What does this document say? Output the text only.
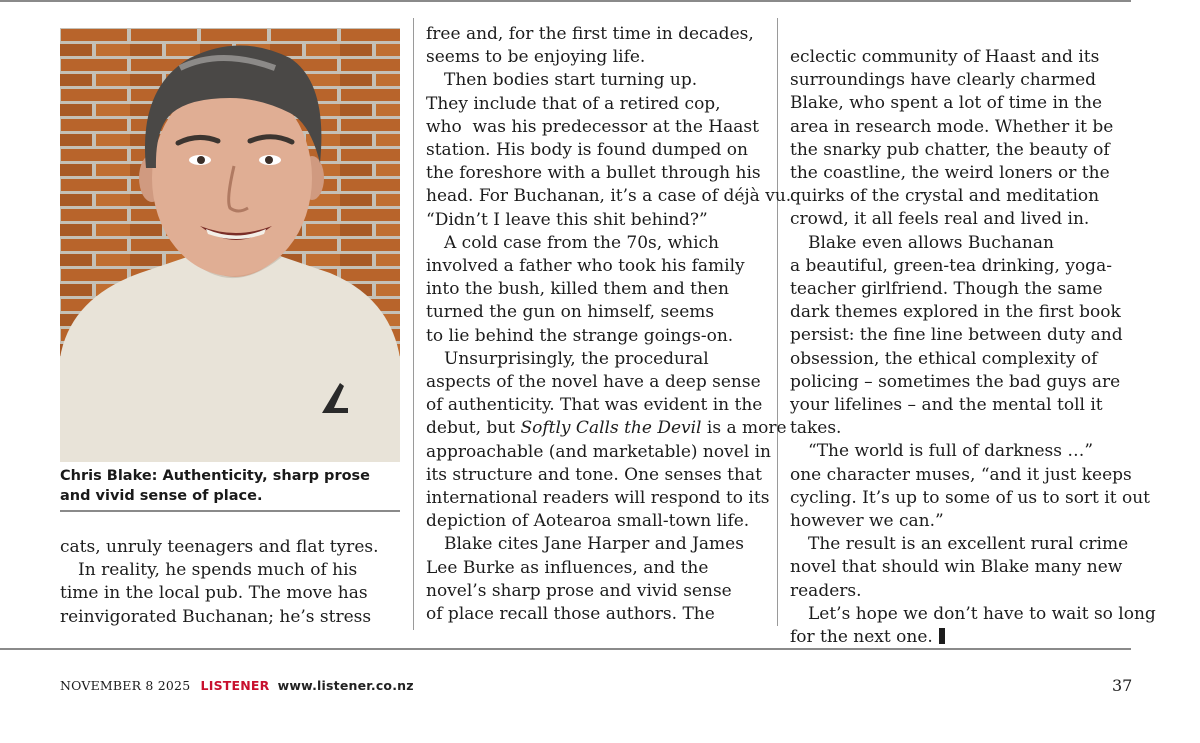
Chris Blake: Authenticity, sharp prose and vivid sense of place.

cats, unruly teenagers and flat tyres.

In reality, he spends much of his

time in the local pub. The move has

reinvigorated Buchanan; he’s stress

free and, for the first time in decades,

seems to be enjoying life.

Then bodies start turning up.

They include that of a retired cop,

who  was his predecessor at the Haast

station. His body is found dumped on

the foreshore with a bullet through his

head. For Buchanan, it’s a case of déjà vu.

“Didn’t I leave this shit behind?”

A cold case from the 70s, which

involved a father who took his family

into the bush, killed them and then

turned the gun on himself, seems

to lie behind the strange goings-on.

Unsurprisingly, the procedural

aspects of the novel have a deep sense

of authenticity. That was evident in the

debut, but Softly Calls the Devil is a more

approachable (and marketable) novel in

its structure and tone. One senses that

international readers will respond to its

depiction of Aotearoa small-town life.

Blake cites Jane Harper and James

Lee Burke as influences, and the

novel’s sharp prose and vivid sense

of place recall those authors. The

eclectic community of Haast and its

surroundings have clearly charmed

Blake, who spent a lot of time in the

area in research mode. Whether it be

the snarky pub chatter, the beauty of

the coastline, the weird loners or the

quirks of the crystal and meditation

crowd, it all feels real and lived in.

Blake even allows Buchanan

a beautiful, green-tea drinking, yoga-

teacher girlfriend. Though the same

dark themes explored in the first book

persist: the fine line between duty and

obsession, the ethical complexity of

policing – sometimes the bad guys are

your lifelines – and the mental toll it

takes.

“The world is full of darkness …”

one character muses, “and it just keeps

cycling. It’s up to some of us to sort it out

however we can.”

The result is an excellent rural crime

novel that should win Blake many new

readers.

Let’s hope we don’t have to wait so long

for the next one.

NOVEMBER 8 2025 LISTENER www.listener.co.nz	37
